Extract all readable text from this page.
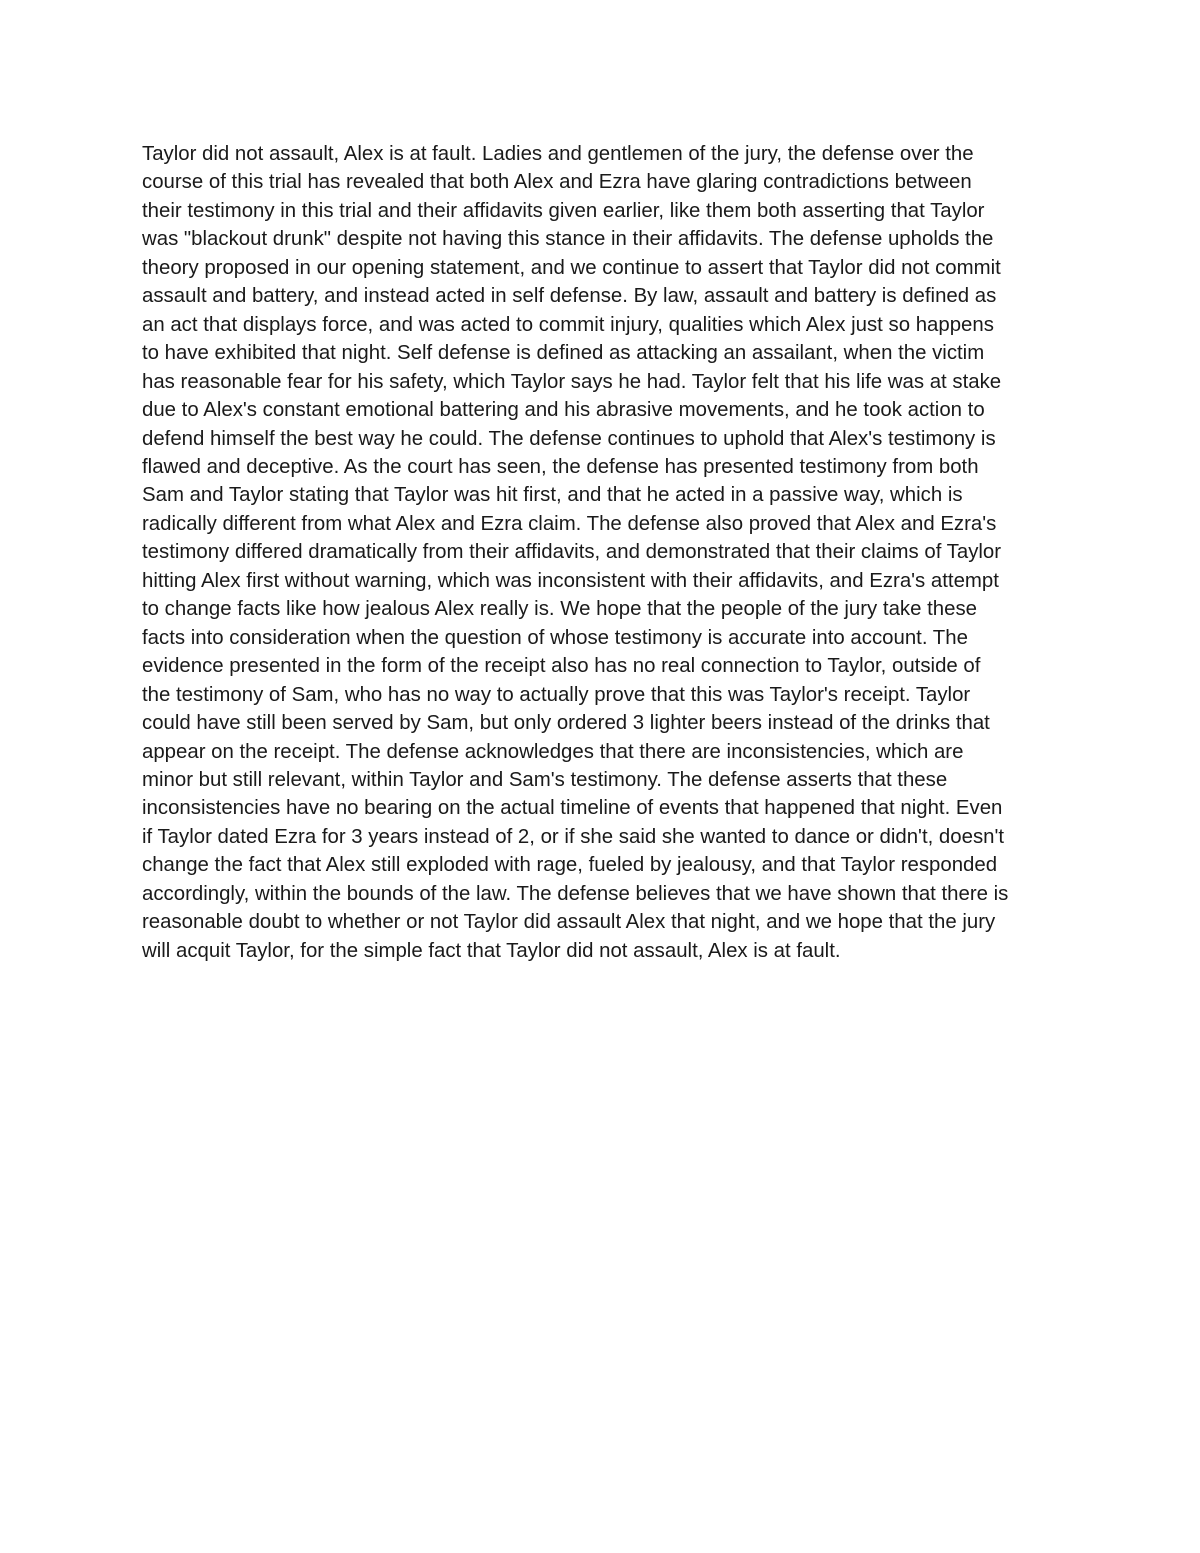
Taylor did not assault, Alex is at fault. Ladies and gentlemen of the jury, the defense over the
course of this trial has revealed that both Alex and Ezra have glaring contradictions between
their testimony in this trial and their affidavits given earlier, like them both asserting that Taylor
was "blackout drunk" despite not having this stance in their affidavits. The defense upholds the
theory proposed in our opening statement, and we continue to assert that Taylor did not commit
assault and battery, and instead acted in self defense. By law, assault and battery is defined as
an act that displays force, and was acted to commit injury, qualities which Alex just so happens
to have exhibited that night. Self defense is defined as attacking an assailant, when the victim
has reasonable fear for his safety, which Taylor says he had. Taylor felt that his life was at stake
due to Alex's constant emotional battering and his abrasive movements, and he took action to
defend himself the best way he could. The defense continues to uphold that Alex's testimony is
flawed and deceptive. As the court has seen, the defense has presented testimony from both
Sam and Taylor stating that Taylor was hit first, and that he acted in a passive way, which is
radically different from what Alex and Ezra claim. The defense also proved that Alex and Ezra's
testimony differed dramatically from their affidavits, and demonstrated that their claims of Taylor
hitting Alex first without warning, which was inconsistent with their affidavits, and Ezra's attempt
to change facts like how jealous Alex really is. We hope that the people of the jury take these
facts into consideration when the question of whose testimony is accurate into account. The
evidence presented in the form of the receipt also has no real connection to Taylor, outside of
the testimony of Sam, who has no way to actually prove that this was Taylor's receipt. Taylor
could have still been served by Sam, but only ordered 3 lighter beers instead of the drinks that
appear on the receipt. The defense acknowledges that there are inconsistencies, which are
minor but still relevant, within Taylor and Sam's testimony. The defense asserts that these
inconsistencies have no bearing on the actual timeline of events that happened that night. Even
if Taylor dated Ezra for 3 years instead of 2, or if she said she wanted to dance or didn't, doesn't
change the fact that Alex still exploded with rage, fueled by jealousy, and that Taylor responded
accordingly, within the bounds of the law. The defense believes that we have shown that there is
reasonable doubt to whether or not Taylor did assault Alex that night, and we hope that the jury
will acquit Taylor, for the simple fact that Taylor did not assault, Alex is at fault.
